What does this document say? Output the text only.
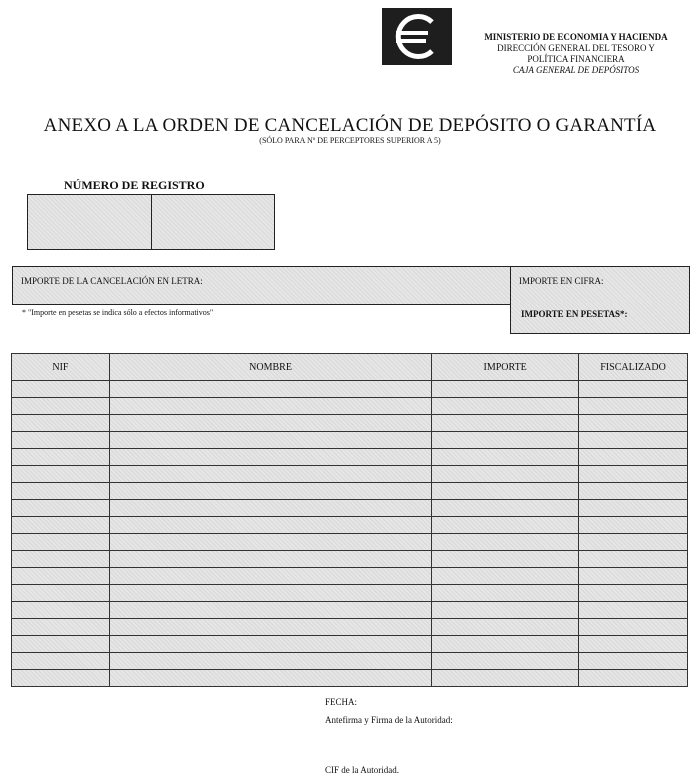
MINISTERIO DE ECONOMIA Y HACIENDA
DIRECCIÓN GENERAL DEL TESORO Y
POLÍTICA FINANCIERA
CAJA GENERAL DE DEPÓSITOS
ANEXO A LA ORDEN DE CANCELACIÓN DE DEPÓSITO O GARANTÍA
(SÓLO PARA Nº DE PERCEPTORES SUPERIOR A 5)
NÚMERO DE REGISTRO
IMPORTE DE LA CANCELACIÓN EN LETRA:	IMPORTE EN CIFRA:
IMPORTE EN PESETAS*:
* "Importe en pesetas se indica sólo a efectos informativos"
NIF	NOMBRE	IMPORTE	FISCALIZADO

FECHA:
Antefirma y Firma de la Autoridad:
CIF de la Autoridad.
